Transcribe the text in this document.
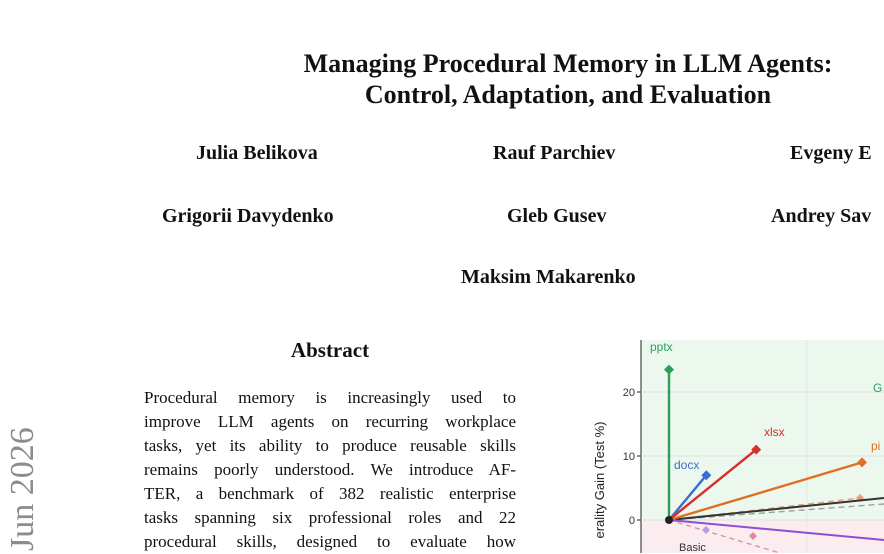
Managing Procedural Memory in LLM Agents:
Control, Adaptation, and Evaluation
Julia Belikova	Rauf Parchiev	Evgeny E
Grigorii Davydenko	Gleb Gusev	Andrey Sav
Maksim Makarenko
Jun 2026
Abstract
Procedural memory is increasingly used to
improve LLM agents on recurring workplace
tasks, yet its ability to produce reusable skills
remains poorly understood. We introduce AF-
TER, a benchmark of 382 realistic enterprise
tasks spanning six professional roles and 22
procedural skills, designed to evaluate how
0
10
20
erality Gain (Test %)
pptx
docx
xlsx
pi
G
Basic
